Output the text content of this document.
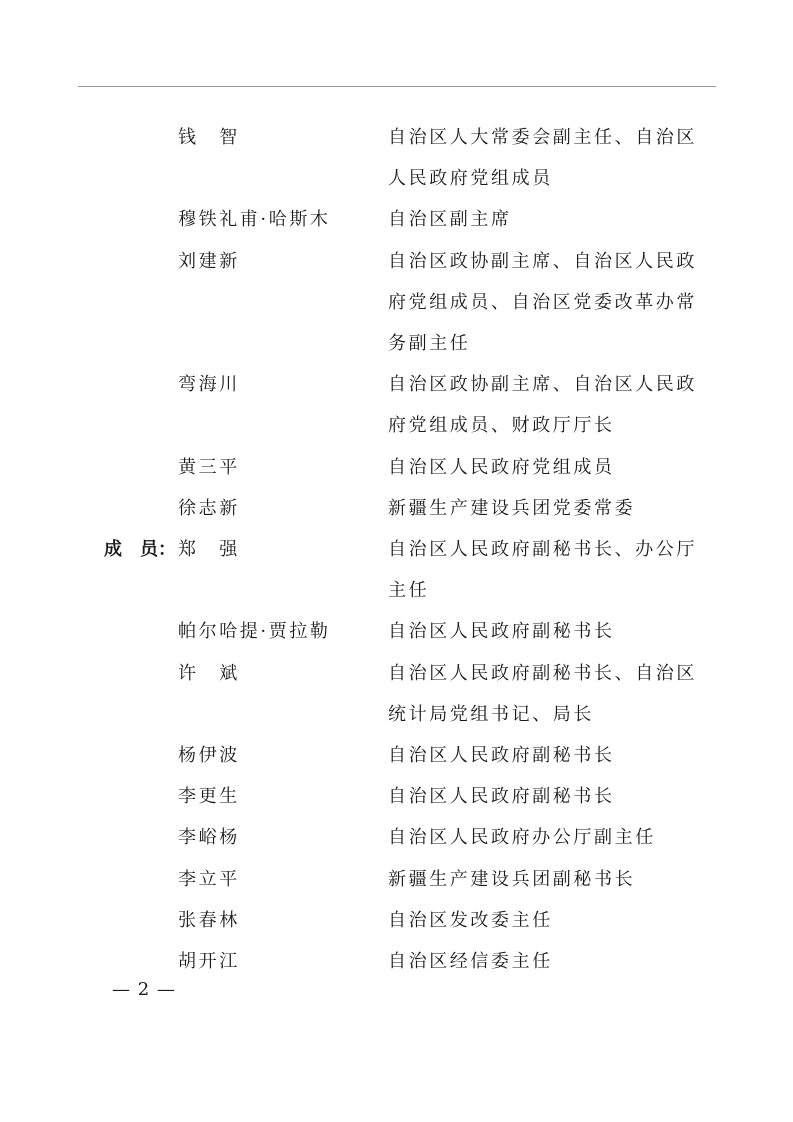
成　员：
钱　智	自治区人大常委会副主任、自治区
人民政府党组成员
穆铁礼甫·哈斯木	自治区副主席
刘建新	自治区政协副主席、自治区人民政
府党组成员、自治区党委改革办常
务副主任
弯海川	自治区政协副主席、自治区人民政
府党组成员、财政厅厅长
黄三平	自治区人民政府党组成员
徐志新	新疆生产建设兵团党委常委
郑　强	自治区人民政府副秘书长、办公厅
主任
帕尔哈提·贾拉勒	自治区人民政府副秘书长
许　斌	自治区人民政府副秘书长、自治区
统计局党组书记、局长
杨伊波	自治区人民政府副秘书长
李更生	自治区人民政府副秘书长
李峪杨	自治区人民政府办公厅副主任
李立平	新疆生产建设兵团副秘书长
张春林	自治区发改委主任
胡开江	自治区经信委主任
— 2 —
